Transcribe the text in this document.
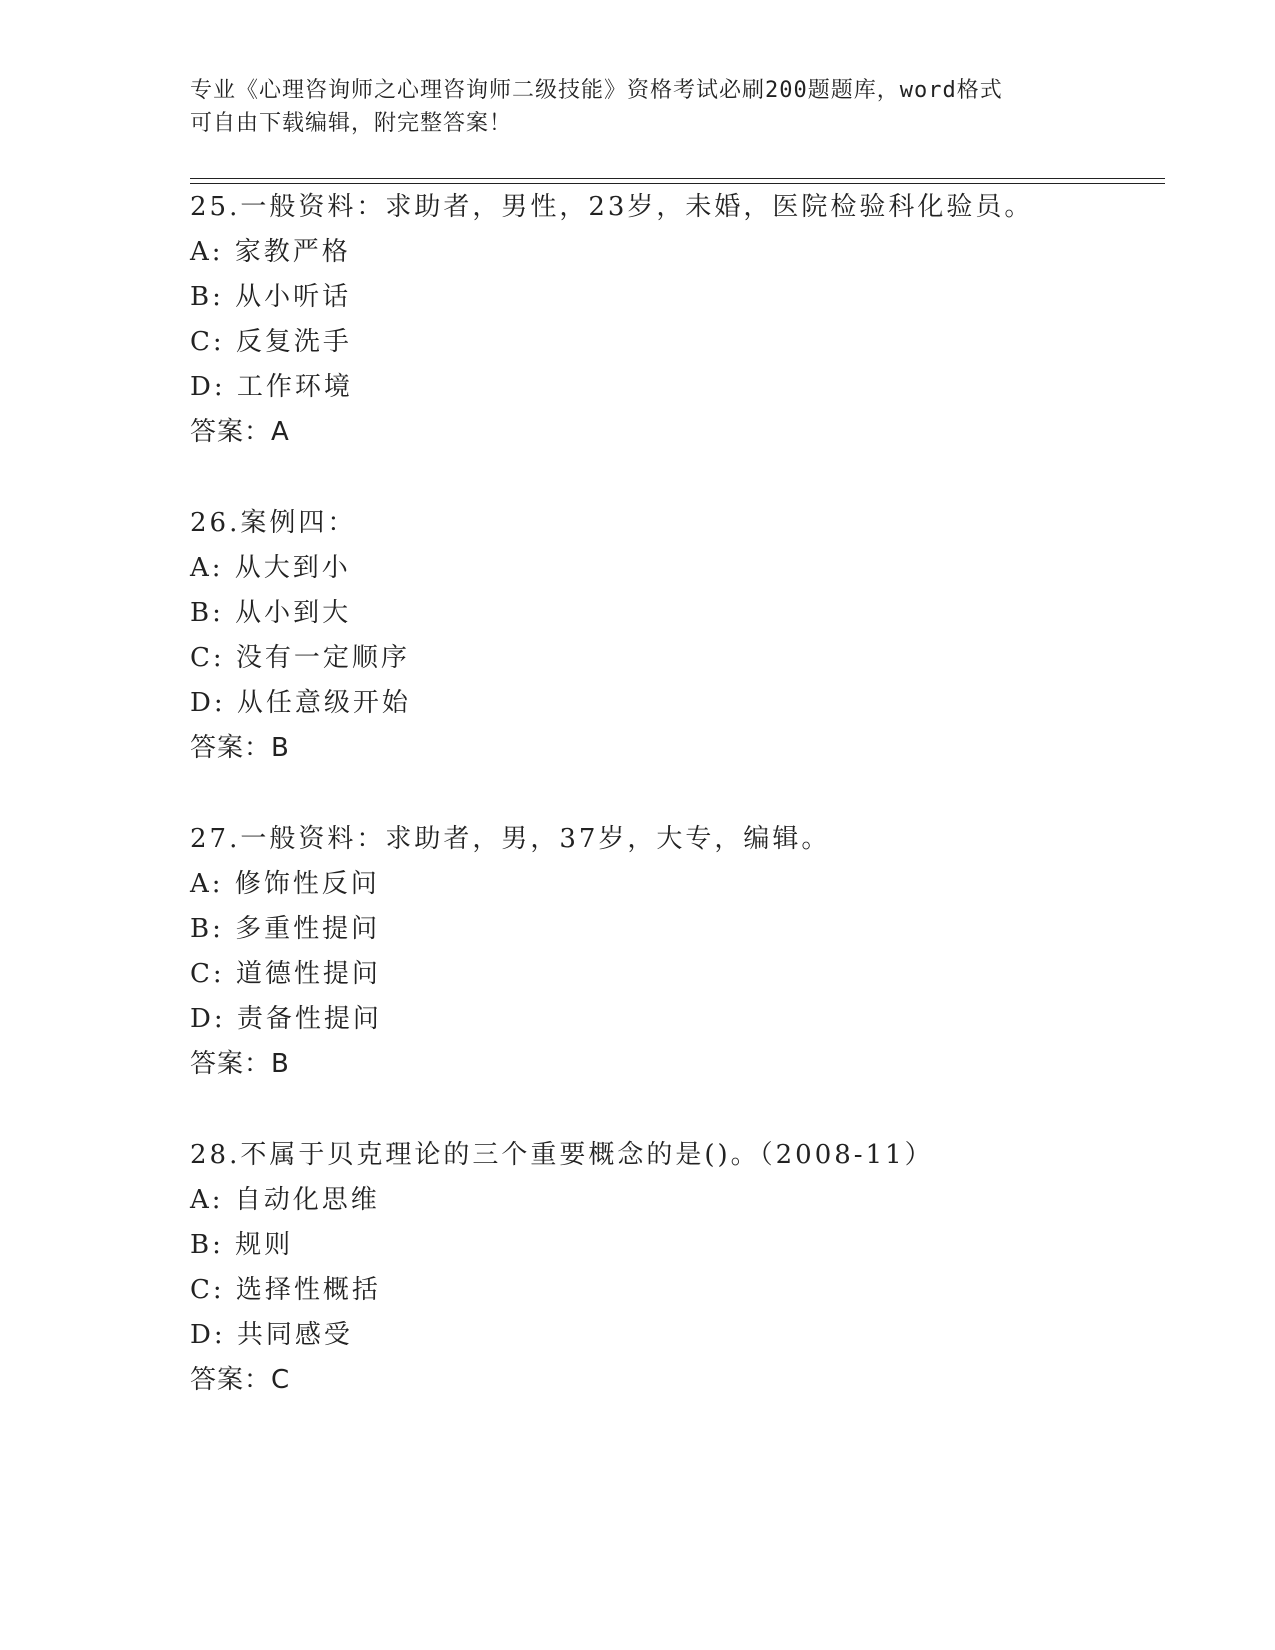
专业《心理咨询师之心理咨询师二级技能》资格考试必刷200题题库，word格式
可自由下载编辑，附完整答案！
25.一般资料：求助者，男性，23岁，未婚，医院检验科化验员。
A: 家教严格
B: 从小听话
C: 反复洗手
D: 工作环境
答案：A
26.案例四：
A: 从大到小
B: 从小到大
C: 没有一定顺序
D: 从任意级开始
答案：B
27.一般资料：求助者，男，37岁，大专，编辑。
A: 修饰性反问
B: 多重性提问
C: 道德性提问
D: 责备性提问
答案：B
28.不属于贝克理论的三个重要概念的是()。（2008-11）
A: 自动化思维
B: 规则
C: 选择性概括
D: 共同感受
答案：C
